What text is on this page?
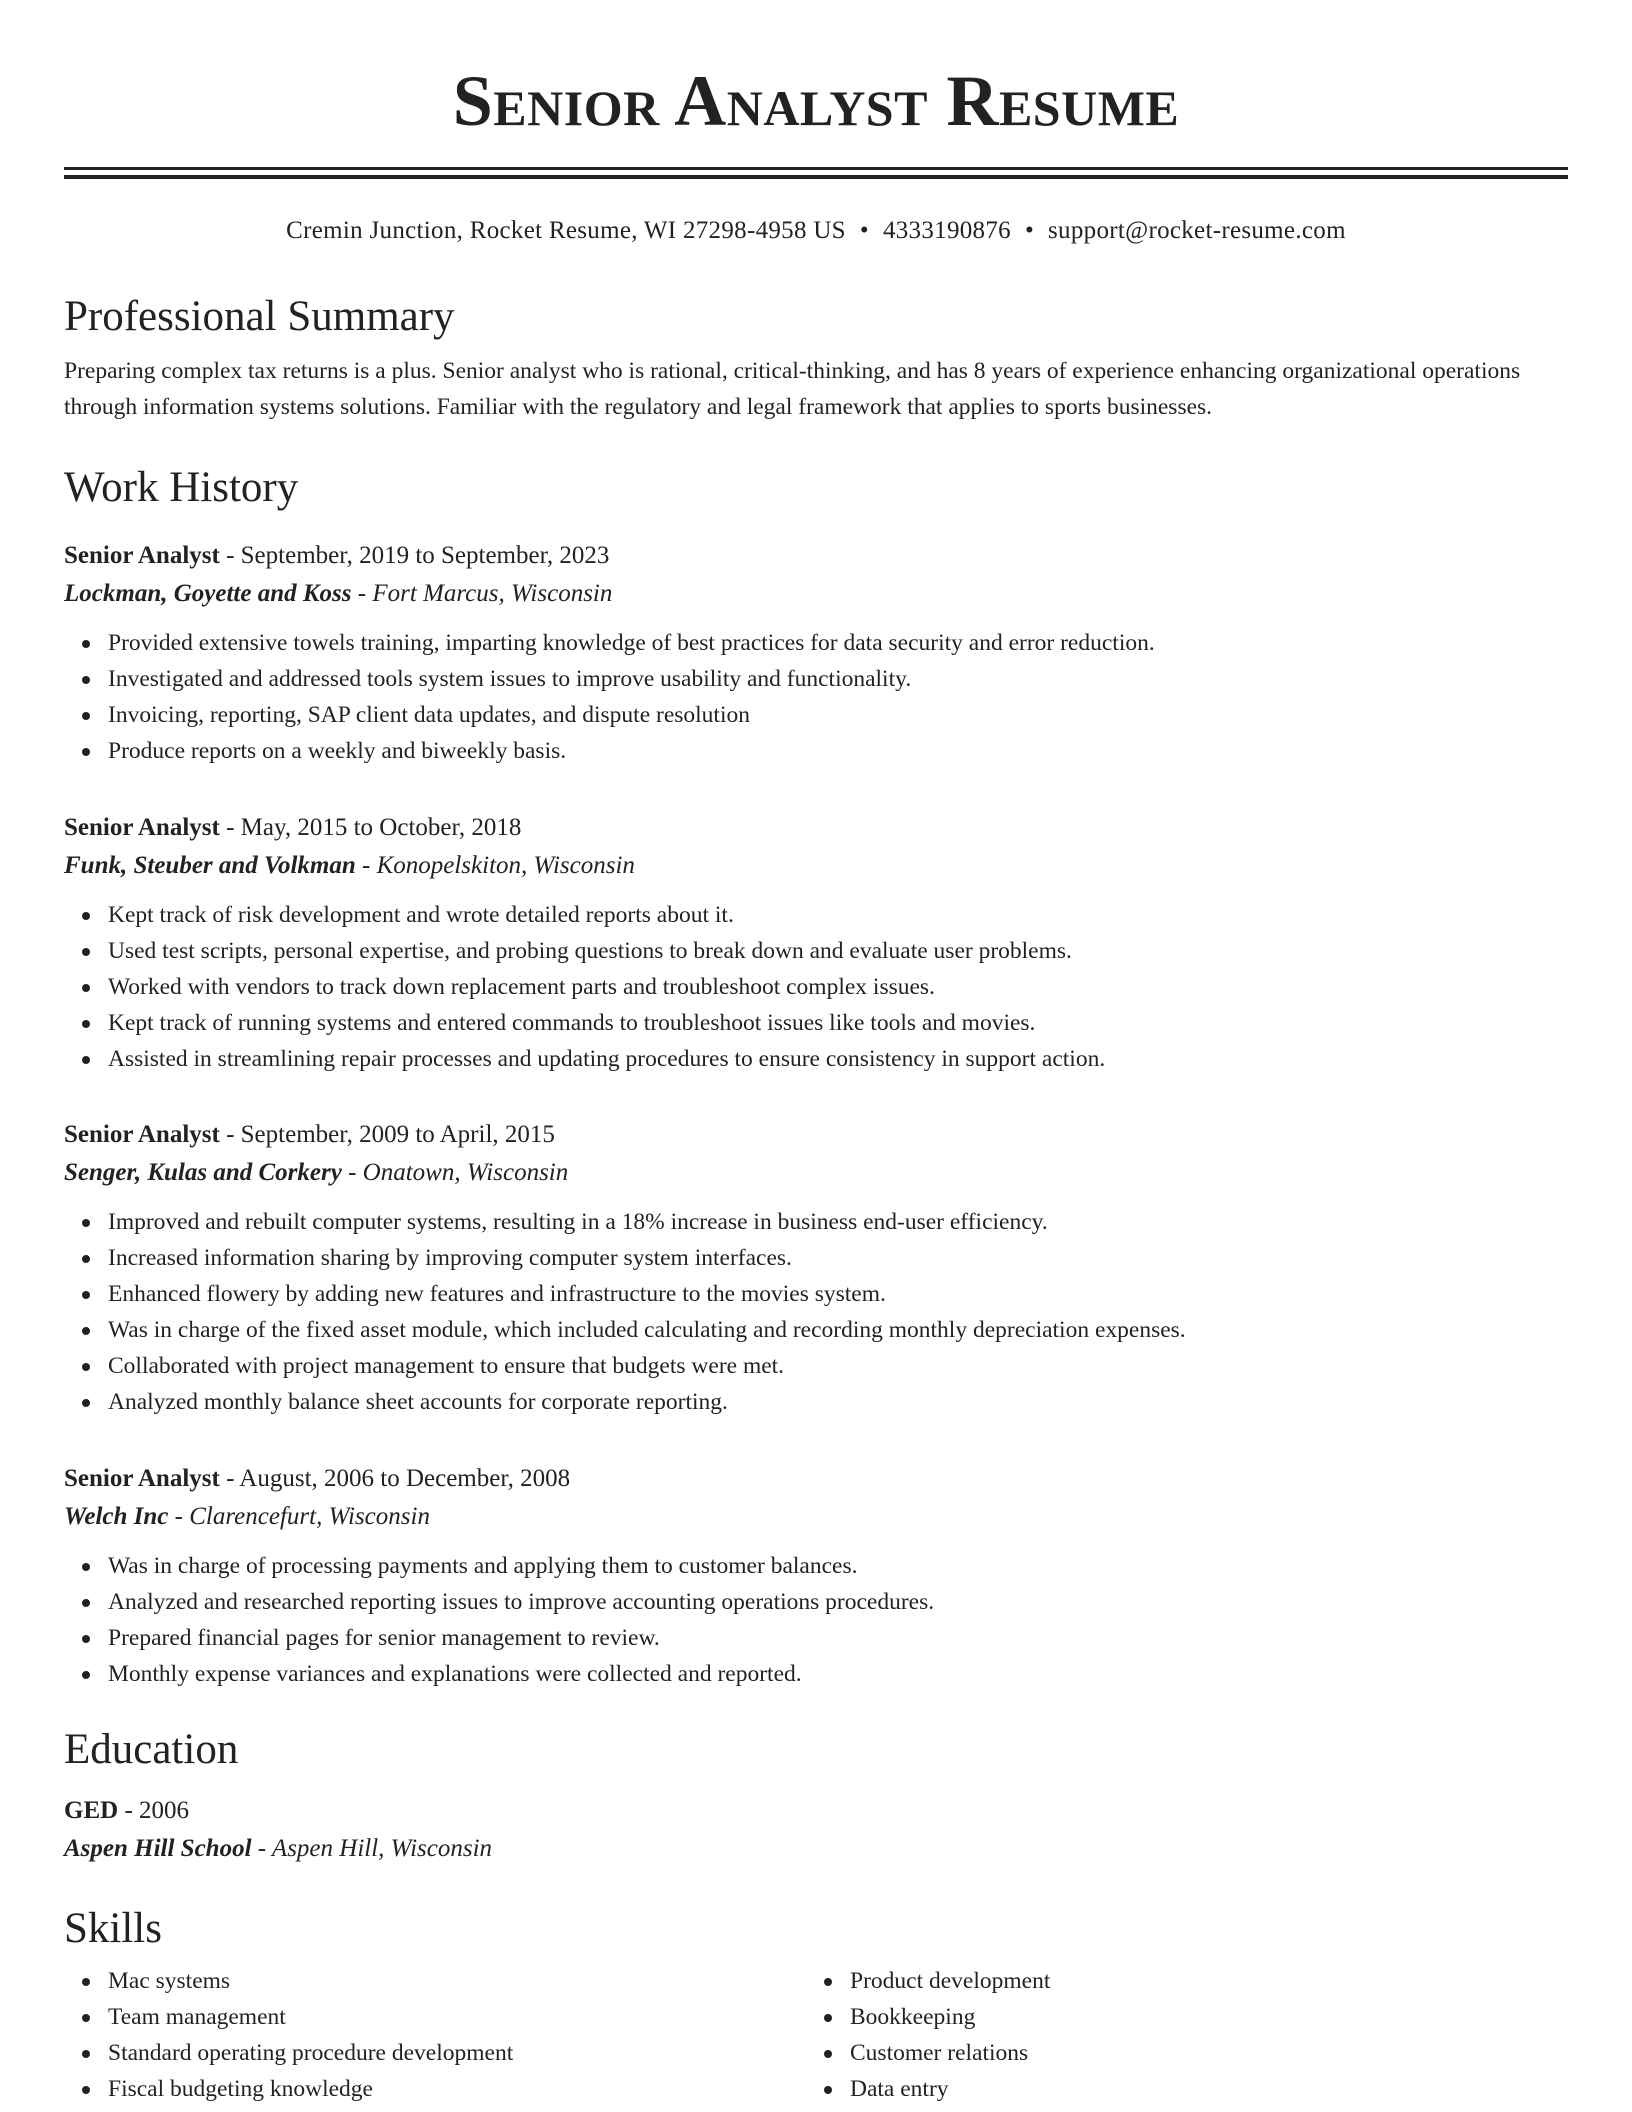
Senior Analyst Resume
Cremin Junction, Rocket Resume, WI 27298-4958 US • 4333190876 • support@rocket-resume.com
Professional Summary

Preparing complex tax returns is a plus. Senior analyst who is rational, critical-thinking, and has 8 years of experience enhancing organizational operations through information systems solutions. Familiar with the regulatory and legal framework that applies to sports businesses.

Work History
Senior Analyst - September, 2019 to September, 2023
Lockman, Goyette and Koss - Fort Marcus, Wisconsin
Provided extensive towels training, imparting knowledge of best practices for data security and error reduction.
Investigated and addressed tools system issues to improve usability and functionality.
Invoicing, reporting, SAP client data updates, and dispute resolution
Produce reports on a weekly and biweekly basis.
Senior Analyst - May, 2015 to October, 2018
Funk, Steuber and Volkman - Konopelskiton, Wisconsin
Kept track of risk development and wrote detailed reports about it.
Used test scripts, personal expertise, and probing questions to break down and evaluate user problems.
Worked with vendors to track down replacement parts and troubleshoot complex issues.
Kept track of running systems and entered commands to troubleshoot issues like tools and movies.
Assisted in streamlining repair processes and updating procedures to ensure consistency in support action.
Senior Analyst - September, 2009 to April, 2015
Senger, Kulas and Corkery - Onatown, Wisconsin
Improved and rebuilt computer systems, resulting in a 18% increase in business end-user efficiency.
Increased information sharing by improving computer system interfaces.
Enhanced flowery by adding new features and infrastructure to the movies system.
Was in charge of the fixed asset module, which included calculating and recording monthly depreciation expenses.
Collaborated with project management to ensure that budgets were met.
Analyzed monthly balance sheet accounts for corporate reporting.
Senior Analyst - August, 2006 to December, 2008
Welch Inc - Clarencefurt, Wisconsin
Was in charge of processing payments and applying them to customer balances.
Analyzed and researched reporting issues to improve accounting operations procedures.
Prepared financial pages for senior management to review.
Monthly expense variances and explanations were collected and reported.
Education
GED - 2006
Aspen Hill School - Aspen Hill, Wisconsin
Skills
Mac systems
Team management
Standard operating procedure development
Fiscal budgeting knowledge
Product development
Bookkeeping
Customer relations
Data entry
